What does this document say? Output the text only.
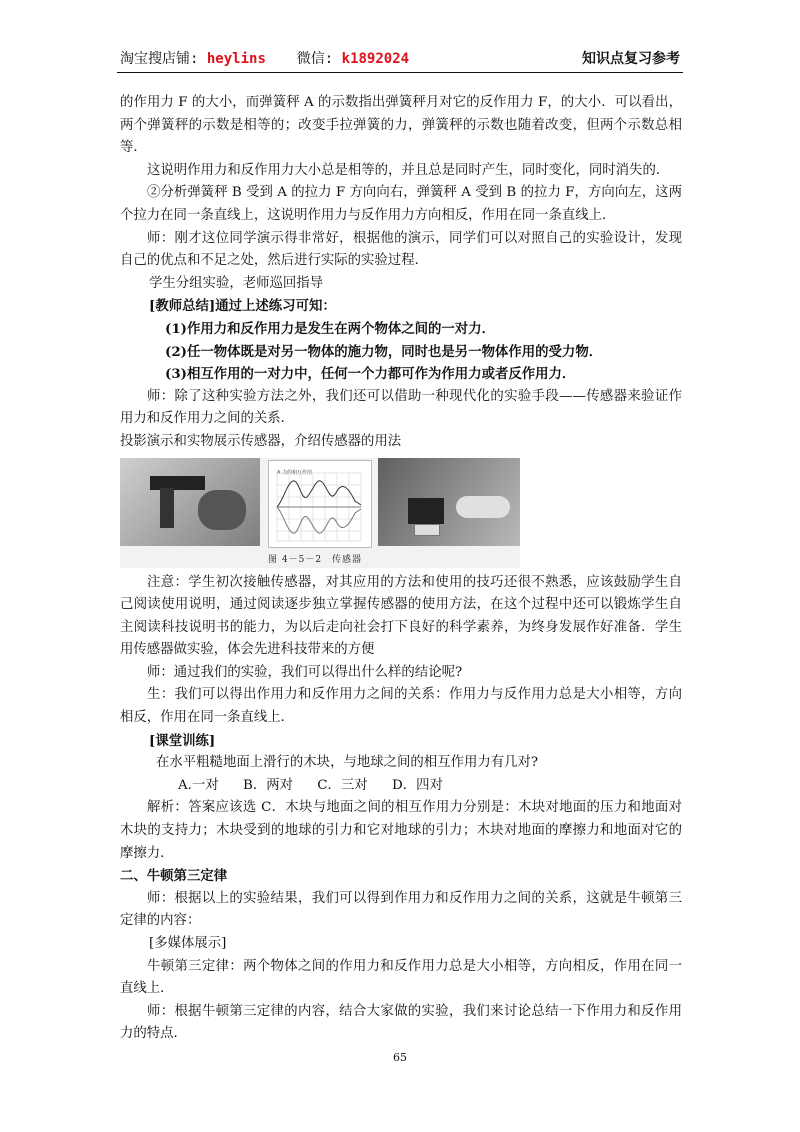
淘宝搜店铺: heylins 微信: k1892024	知识点复习参考

的作用力 F 的大小，而弹簧秤 A 的示数指出弹簧秤月对它的反作用力 F，的大小．可以看出，两个弹簧秤的示数是相等的；改变手拉弹簧的力，弹簧秤的示数也随着改变，但两个示数总相等．

这说明作用力和反作用力大小总是相等的，并且总是同时产生，同时变化，同时消失的．

②分析弹簧秤 B 受到 A 的拉力 F 方向向右，弹簧秤 A 受到 B 的拉力 F，方向向左，这两个拉力在同一条直线上，这说明作用力与反作用力方向相反，作用在同一条直线上．

师：刚才这位同学演示得非常好，根据他的演示，同学们可以对照自己的实验设计，发现自己的优点和不足之处，然后进行实际的实验过程．

学生分组实验，老师巡回指导

[教师总结]通过上述练习可知：

(1)作用力和反作用力是发生在两个物体之间的一对力．

(2)任一物体既是对另一物体的施力物，同时也是另一物体作用的受力物．

(3)相互作用的一对力中，任何一个力都可作为作用力或者反作用力．

师：除了这种实验方法之外，我们还可以借助一种现代化的实验手段——传感器来验证作用力和反作用力之间的关系．

投影演示和实物展示传感器，介绍传感器的用法

A 力的相互作用
图 4－5－2　传感器

注意：学生初次接触传感器，对其应用的方法和使用的技巧还很不熟悉，应该鼓励学生自己阅读使用说明，通过阅读逐步独立掌握传感器的使用方法，在这个过程中还可以锻炼学生自主阅读科技说明书的能力，为以后走向社会打下良好的科学素养，为终身发展作好准备．学生用传感器做实验，体会先进科技带来的方便

师：通过我们的实验，我们可以得出什么样的结论呢?

生：我们可以得出作用力和反作用力之间的关系：作用力与反作用力总是大小相等，方向相反，作用在同一条直线上．

[课堂训练]

在水平粗糙地面上滑行的木块，与地球之间的相互作用力有几对?

A.一对 B．两对 C．三对 D．四对

解析：答案应该选 C．木块与地面之间的相互作用力分别是：木块对地面的压力和地面对木块的支持力；木块受到的地球的引力和它对地球的引力；木块对地面的摩擦力和地面对它的摩擦力．

二、牛顿第三定律

师：根据以上的实验结果，我们可以得到作用力和反作用力之间的关系，这就是牛顿第三定律的内容：

[多媒体展示]

牛顿第三定律：两个物体之间的作用力和反作用力总是大小相等，方向相反，作用在同一直线上．

师：根据牛顿第三定律的内容，结合大家做的实验，我们来讨论总结一下作用力和反作用力的特点．

65
